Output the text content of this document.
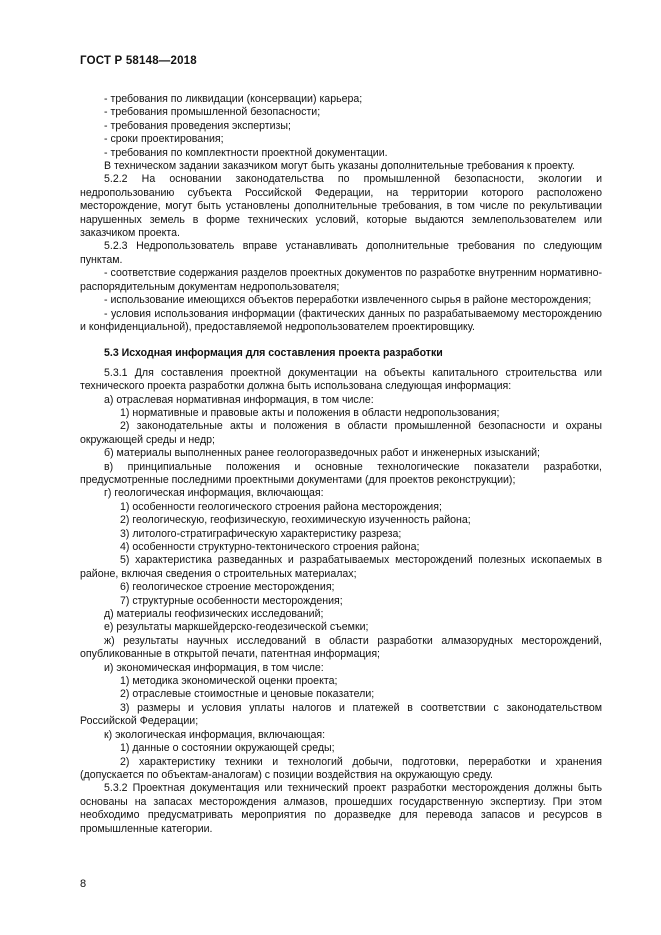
ГОСТ Р 58148—2018

- требования по ликвидации (консервации) карьера;

- требования промышленной безопасности;

- требования проведения экспертизы;

- сроки проектирования;

- требования по комплектности проектной документации.

В техническом задании заказчиком могут быть указаны дополнительные требования к проекту.

5.2.2 На основании законодательства по промышленной безопасности, экологии и недропользованию субъекта Российской Федерации, на территории которого расположено месторождение, могут быть установлены дополнительные требования, в том числе по рекультивации нарушенных земель в форме технических условий, которые выдаются землепользователем или заказчиком проекта.

5.2.3 Недропользователь вправе устанавливать дополнительные требования по следующим пунктам.

- соответствие содержания разделов проектных документов по разработке внутренним нормативно-распорядительным документам недропользователя;

- использование имеющихся объектов переработки извлеченного сырья в районе месторождения;

- условия использования информации (фактических данных по разрабатываемому месторождению и конфиденциальной), предоставляемой недропользователем проектировщику.

5.3 Исходная информация для составления проекта разработки

5.3.1 Для составления проектной документации на объекты капитального строительства или технического проекта разработки должна быть использована следующая информация:

а) отраслевая нормативная информация, в том числе:

1) нормативные и правовые акты и положения в области недропользования;

2) законодательные акты и положения в области промышленной безопасности и охраны окружающей среды и недр;

б) материалы выполненных ранее геологоразведочных работ и инженерных изысканий;

в) принципиальные положения и основные технологические показатели разработки, предусмотренные последними проектными документами (для проектов реконструкции);

г) геологическая информация, включающая:

1) особенности геологического строения района месторождения;

2) геологическую, геофизическую, геохимическую изученность района;

3) литолого-стратиграфическую характеристику разреза;

4) особенности структурно-тектонического строения района;

5) характеристика разведанных и разрабатываемых месторождений полезных ископаемых в районе, включая сведения о строительных материалах;

6) геологическое строение месторождения;

7) структурные особенности месторождения;

д) материалы геофизических исследований;

е) результаты маркшейдерско-геодезической съемки;

ж) результаты научных исследований в области разработки алмазорудных месторождений, опубликованные в открытой печати, патентная информация;

и) экономическая информация, в том числе:

1) методика экономической оценки проекта;

2) отраслевые стоимостные и ценовые показатели;

3) размеры и условия уплаты налогов и платежей в соответствии с законодательством Российской Федерации;

к) экологическая информация, включающая:

1) данные о состоянии окружающей среды;

2) характеристику техники и технологий добычи, подготовки, переработки и хранения (допускается по объектам-аналогам) с позиции воздействия на окружающую среду.

5.3.2 Проектная документация или технический проект разработки месторождения должны быть основаны на запасах месторождения алмазов, прошедших государственную экспертизу. При этом необходимо предусматривать мероприятия по доразведке для перевода запасов и ресурсов в промышленные категории.

8
